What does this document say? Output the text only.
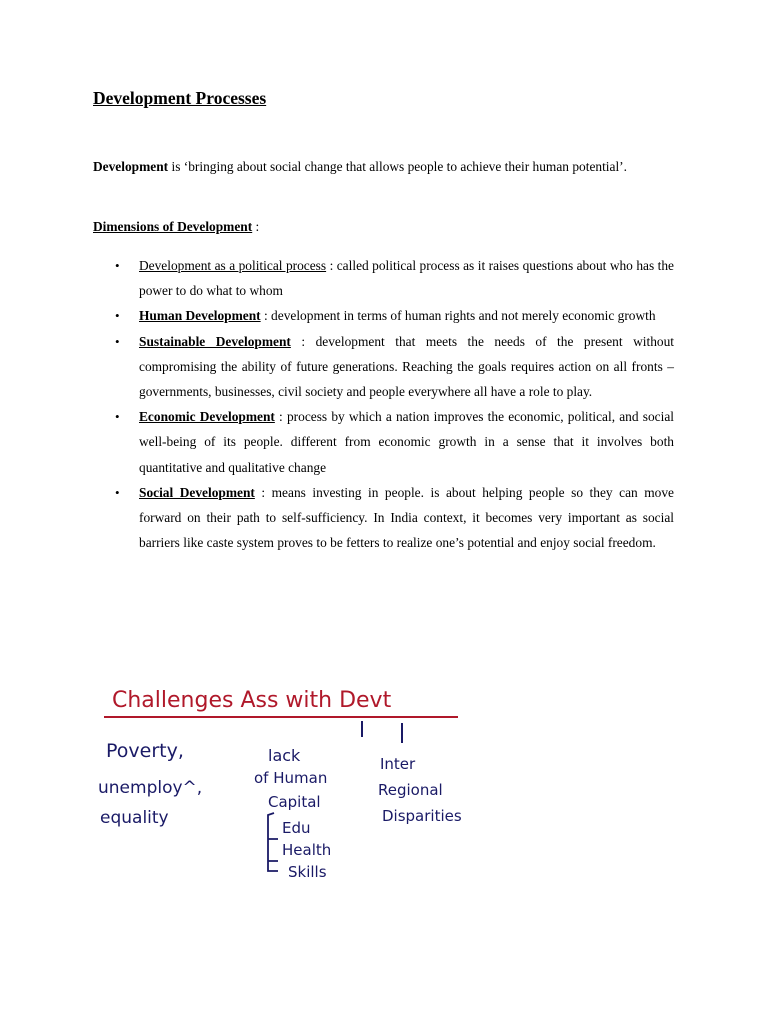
Development Processes

Development is ‘bringing about social change that allows people to achieve their human potential’.

Dimensions of Development :

•	Development as a political process : called political process as it raises questions about who has the power to do what to whom
•	Human Development : development in terms of human rights and not merely economic growth
•	Sustainable Development : development that meets the needs of the present without compromising the ability of future generations. Reaching the goals requires action on all fronts – governments, businesses, civil society and people everywhere all have a role to play.
•	Economic Development : process by which a nation improves the economic, political, and social well-being of its people. different from economic growth in a sense that it involves both quantitative and qualitative change
•	Social Development : means investing in people. is about helping people so they can move forward on their path to self-sufficiency. In India context, it becomes very important as social barriers like caste system proves to be fetters to realize one’s potential and enjoy social freedom.
Challenges Ass with Devt
Poverty,
unemploy^,
equality
lack
of Human
Capital
Edu
Health
Skills
Inter
Regional
Disparities
